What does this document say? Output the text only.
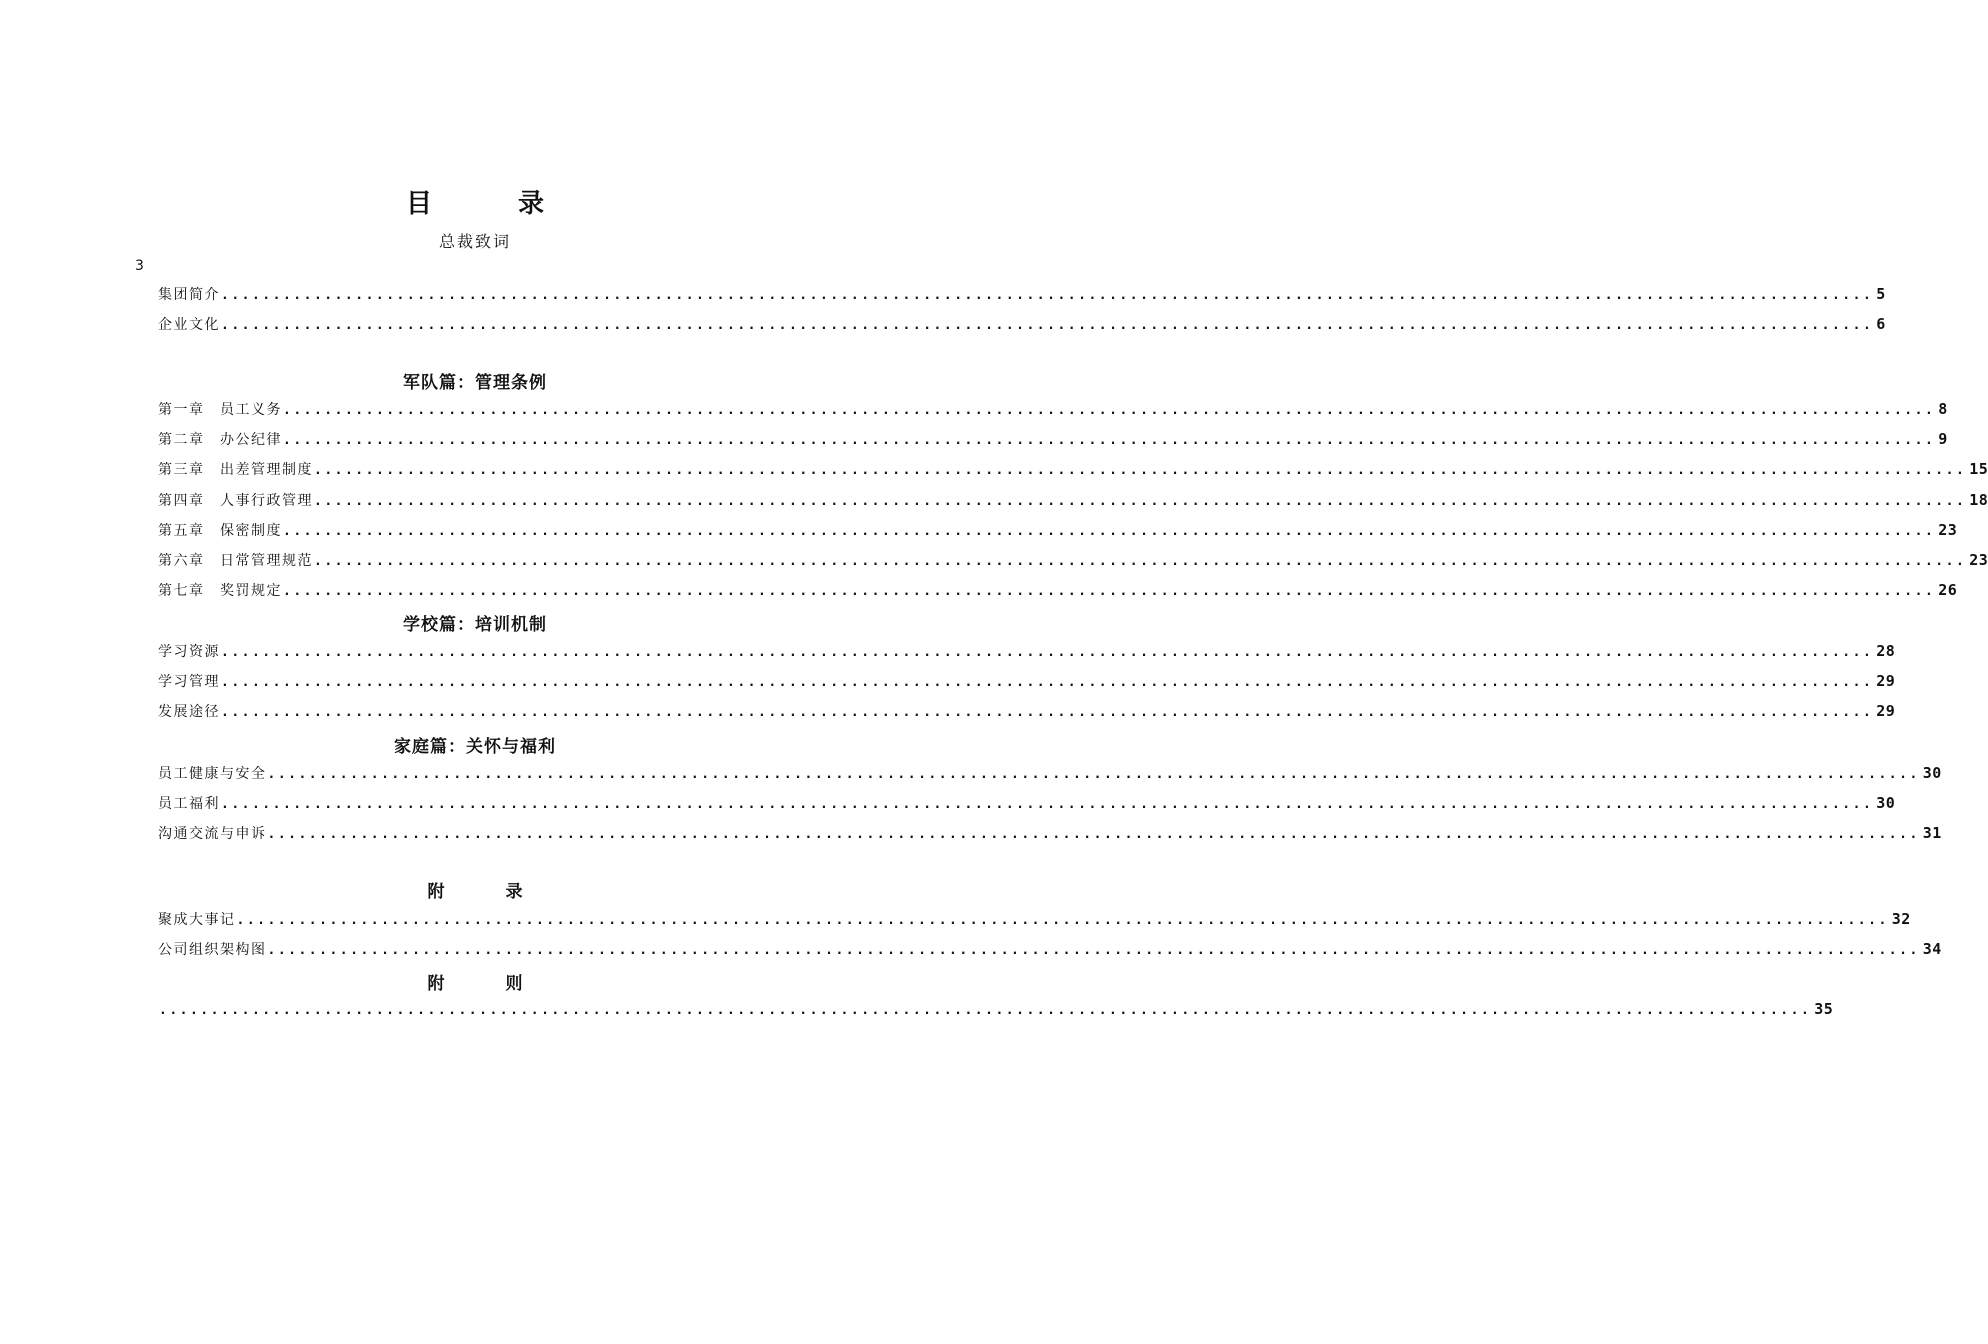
目　录
总裁致词
3
集团简介 ................................................................................................................................................................ 5
企业文化 ................................................................................................................................................................ 6
军队篇：管理条例
第一章　员工义务 ................................................................................................................................................................ 8
第二章　办公纪律 ................................................................................................................................................................ 9
第三章　出差管理制度 ................................................................................................................................................................ 15
第四章　人事行政管理 ................................................................................................................................................................ 18
第五章　保密制度 ................................................................................................................................................................ 23
第六章　日常管理规范 ................................................................................................................................................................ 23
第七章　奖罚规定 ................................................................................................................................................................ 26
学校篇：培训机制
学习资源 ................................................................................................................................................................ 28
学习管理 ................................................................................................................................................................ 29
发展途径 ................................................................................................................................................................ 29
家庭篇：关怀与福利
员工健康与安全 ................................................................................................................................................................ 30
员工福利 ................................................................................................................................................................ 30
沟通交流与申诉 ................................................................................................................................................................ 31
附　录
聚成大事记 ................................................................................................................................................................ 32
公司组织架构图 ................................................................................................................................................................ 34
附　则
................................................................................................................................................................ 35
